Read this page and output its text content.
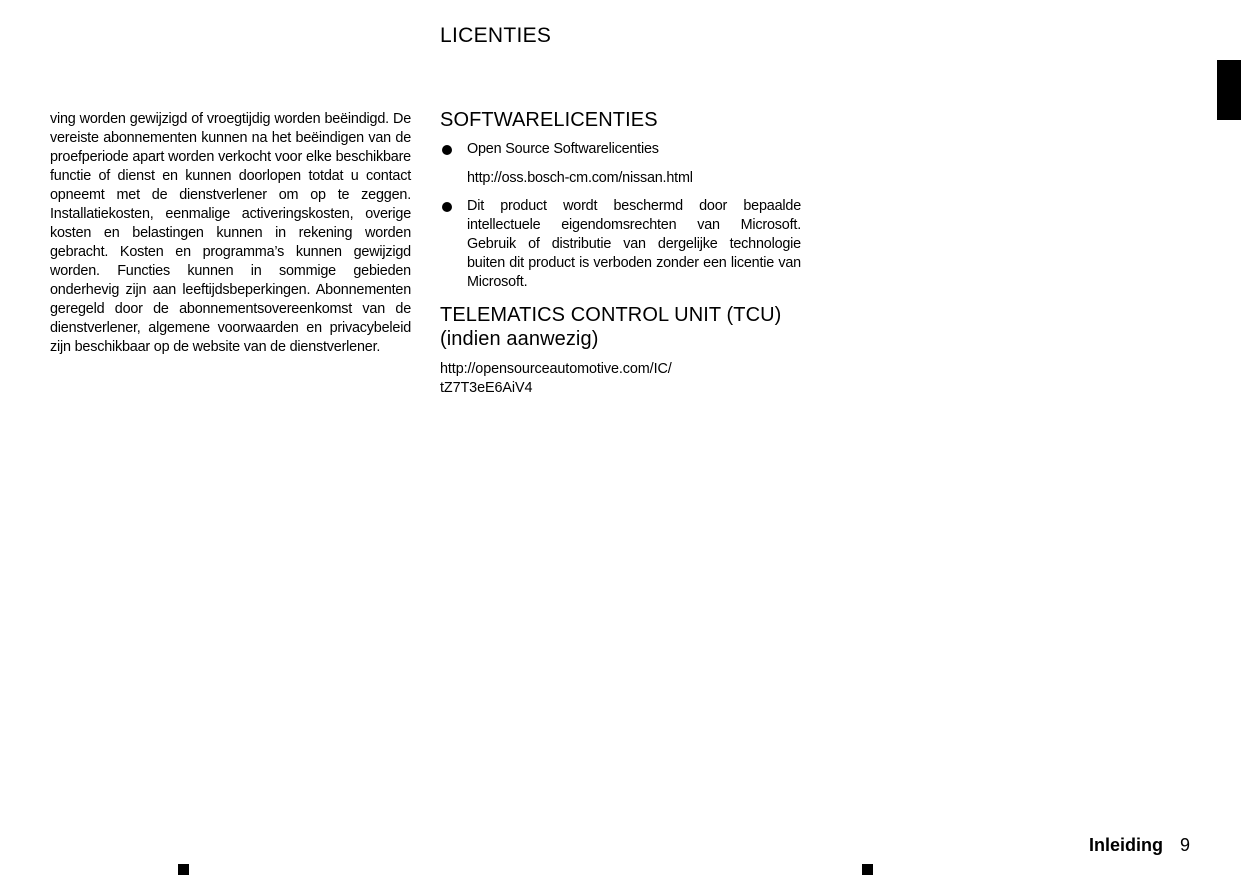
LICENTIES

ving worden gewijzigd of vroegtijdig worden beëindigd. De vereiste abonnementen kunnen na het beëindigen van de proefperiode apart worden verkocht voor elke beschikbare functie of dienst en kunnen doorlopen totdat u contact opneemt met de dienstverlener om op te zeggen. Installatiekosten, eenmalige activeringskosten, overige kosten en belastingen kunnen in rekening worden gebracht. Kosten en programma’s kunnen gewijzigd worden. Functies kunnen in sommige gebieden onderhevig zijn aan leeftijdsbeperkingen. Abonnementen geregeld door de abonnementsovereenkomst van de dienstverlener, algemene voorwaarden en privacybeleid zijn beschikbaar op de website van de dienstverlener.

SOFTWARELICENTIES
Open Source Softwarelicenties
http://oss.bosch-cm.com/nissan.html
Dit product wordt beschermd door bepaalde intellectuele eigendomsrechten van Microsoft. Gebruik of distributie van dergelijke technologie buiten dit product is verboden zonder een licentie van Microsoft.
TELEMATICS CONTROL UNIT (TCU) (indien aanwezig)

http://opensourceautomotive.com/IC/
tZ7T3eE6AiV4

Inleiding 9
